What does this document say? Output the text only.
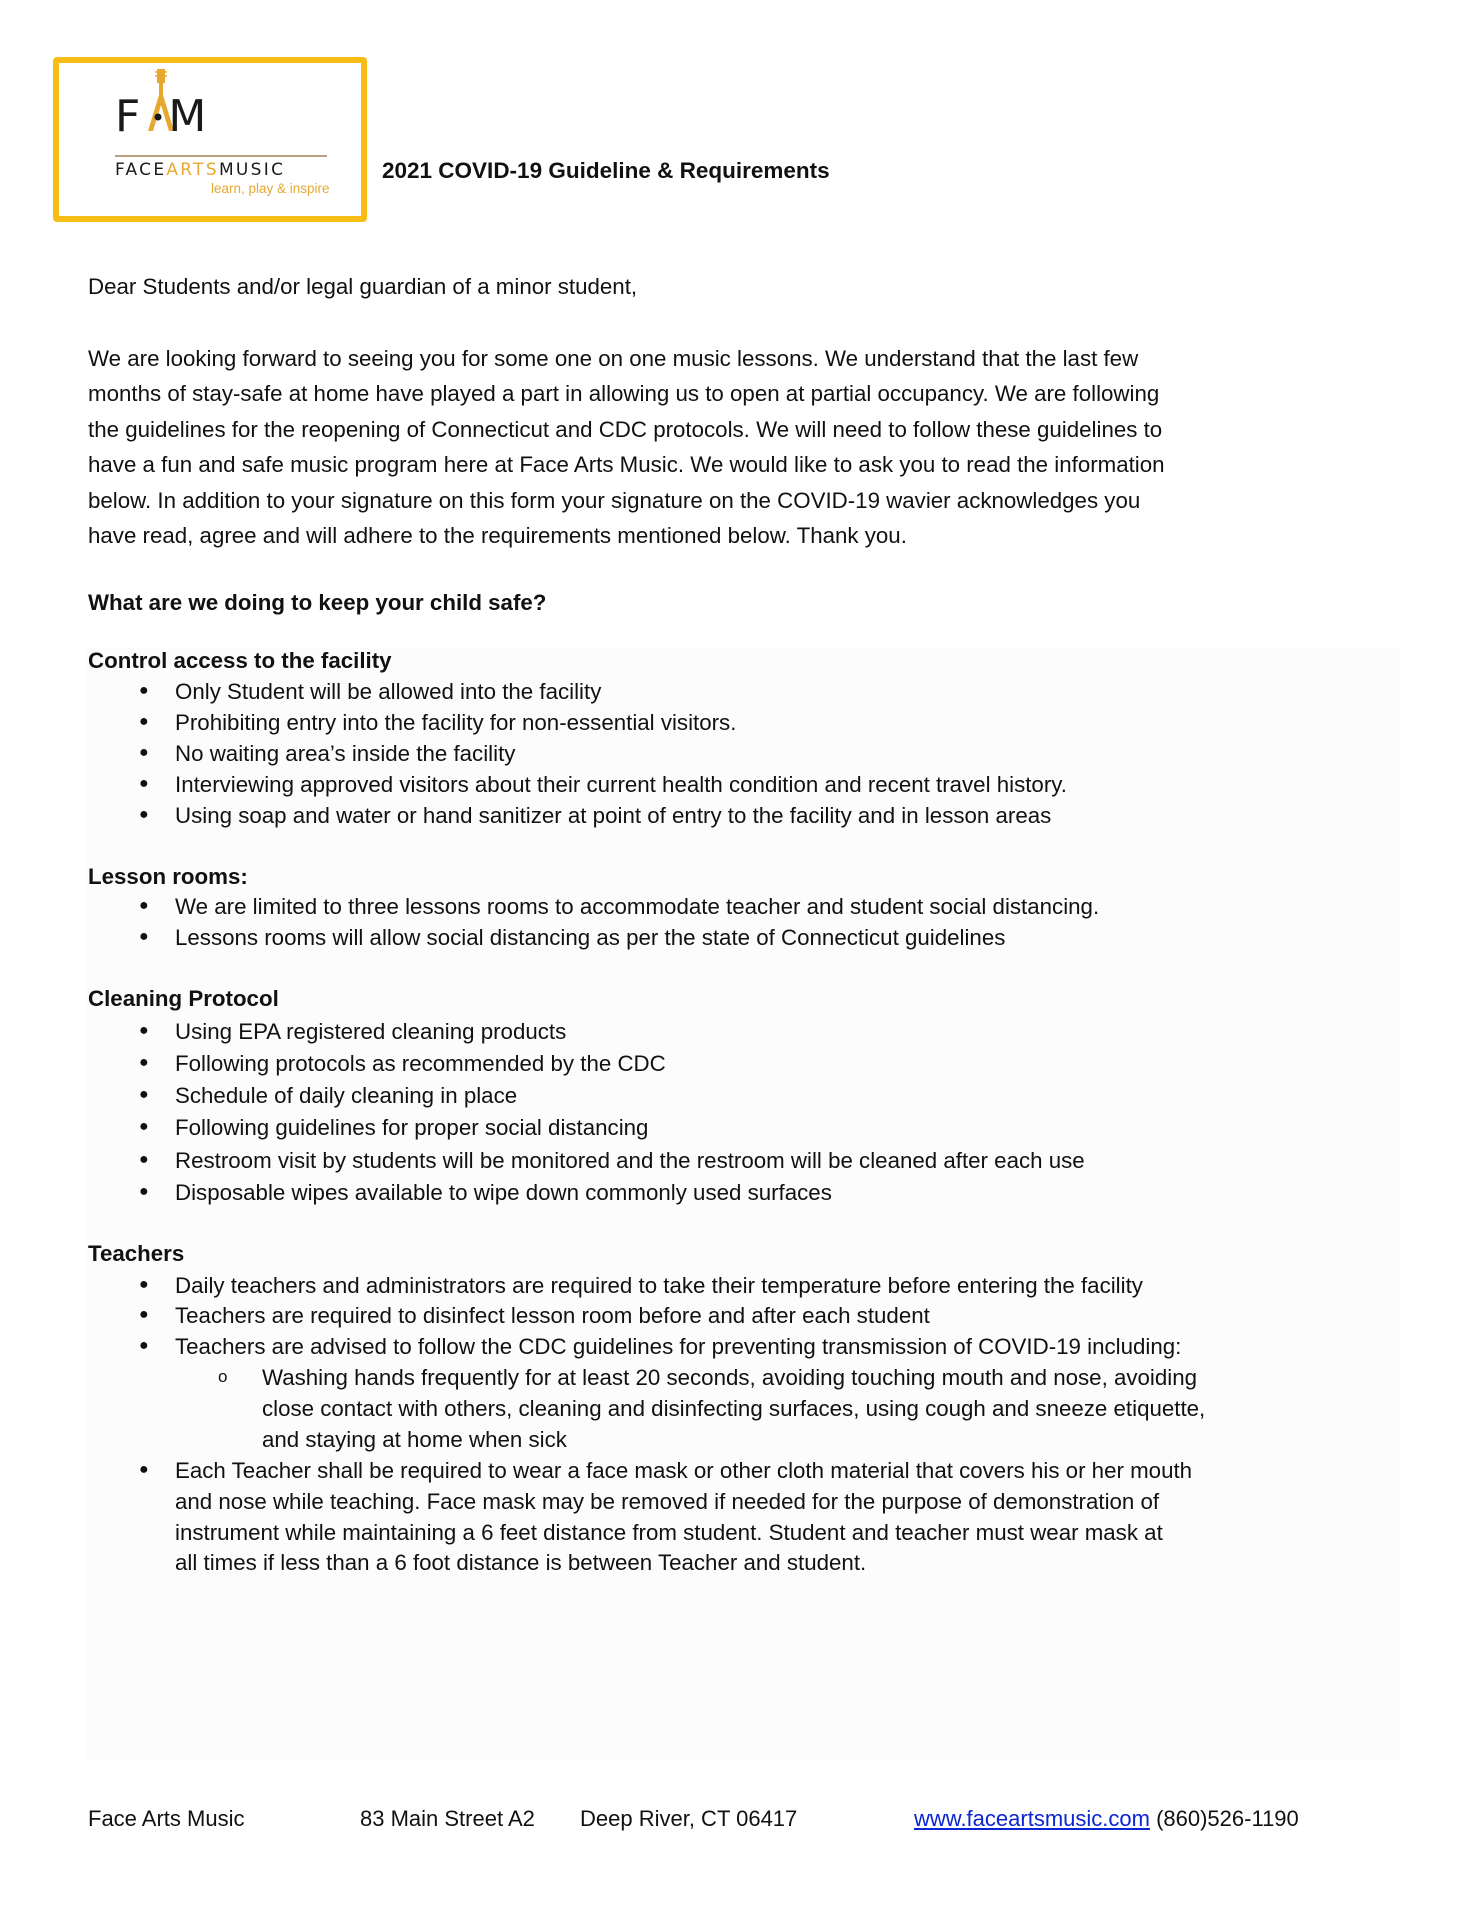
F M
FACEARTSMUSIC
learn, play & inspire
2021 COVID-19 Guideline & Requirements
Dear Students and/or legal guardian of a minor student,
We are looking forward to seeing you for some one on one music lessons. We understand that the last few
months of stay-safe at home have played a part in allowing us to open at partial occupancy. We are following
the guidelines for the reopening of Connecticut and CDC protocols. We will need to follow these guidelines to
have a fun and safe music program here at Face Arts Music. We would like to ask you to read the information
below. In addition to your signature on this form your signature on the COVID-19 wavier acknowledges you
have read, agree and will adhere to the requirements mentioned below. Thank you.
What are we doing to keep your child safe?
Control access to the facility
● Only Student will be allowed into the facility
● Prohibiting entry into the facility for non-essential visitors.
● No waiting area’s inside the facility
● Interviewing approved visitors about their current health condition and recent travel history.
● Using soap and water or hand sanitizer at point of entry to the facility and in lesson areas
Lesson rooms:
● We are limited to three lessons rooms to accommodate teacher and student social distancing.
● Lessons rooms will allow social distancing as per the state of Connecticut guidelines
Cleaning Protocol
● Using EPA registered cleaning products
● Following protocols as recommended by the CDC
● Schedule of daily cleaning in place
● Following guidelines for proper social distancing
● Restroom visit by students will be monitored and the restroom will be cleaned after each use
● Disposable wipes available to wipe down commonly used surfaces
Teachers
● Daily teachers and administrators are required to take their temperature before entering the facility
● Teachers are required to disinfect lesson room before and after each student
● Teachers are advised to follow the CDC guidelines for preventing transmission of COVID-19 including:
o Washing hands frequently for at least 20 seconds, avoiding touching mouth and nose, avoiding
close contact with others, cleaning and disinfecting surfaces, using cough and sneeze etiquette,
and staying at home when sick
● Each Teacher shall be required to wear a face mask or other cloth material that covers his or her mouth
and nose while teaching. Face mask may be removed if needed for the purpose of demonstration of
instrument while maintaining a 6 feet distance from student. Student and teacher must wear mask at
all times if less than a 6 foot distance is between Teacher and student.
Face Arts Music	83 Main Street A2 Deep River, CT 06417	www.faceartsmusic.com (860)526-1190
